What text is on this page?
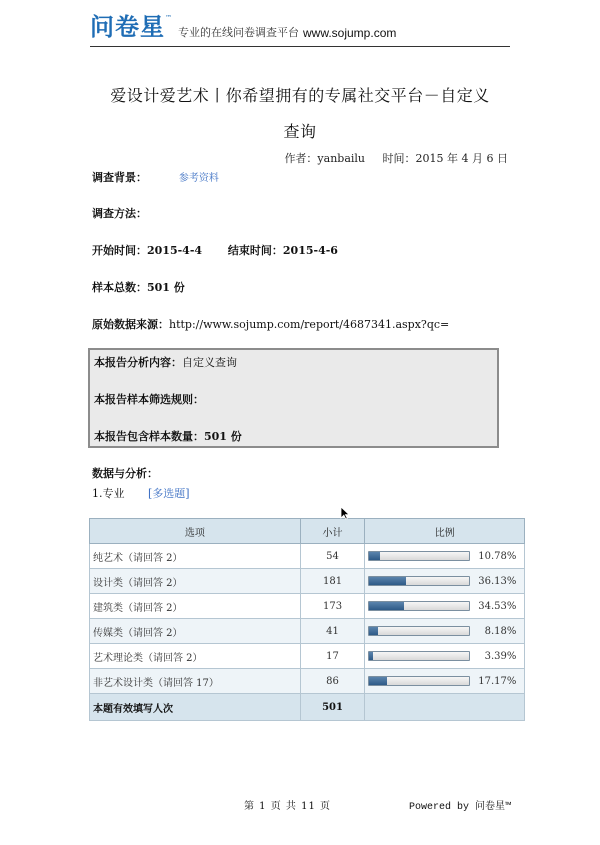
问卷星 ™
专业的在线问卷调查平台 www.sojump.com
爱设计爱艺术丨你希望拥有的专属社交平台－自定义
查询
作者：yanbailu 时间：2015 年 4 月 6 日
调查背景：	参考资料
调查方法：
开始时间：2015-4-4 结束时间：2015-4-6
样本总数：501 份
原始数据来源：http://www.sojump.com/report/4687341.aspx?qc=
本报告分析内容：自定义查询
本报告样本筛选规则：
本报告包含样本数量：501 份
数据与分析：
1.专业 [多选题]
选项	小计	比例
纯艺术（请回答 2）	54	10.78%
设计类（请回答 2）	181	36.13%
建筑类（请回答 2）	173	34.53%
传媒类（请回答 2）	41	8.18%
艺术理论类（请回答 2）	17	3.39%
非艺术设计类（请回答 17）	86	17.17%
本题有效填写人次	501	
第 1 页 共 11 页	Powered by 问卷星™
